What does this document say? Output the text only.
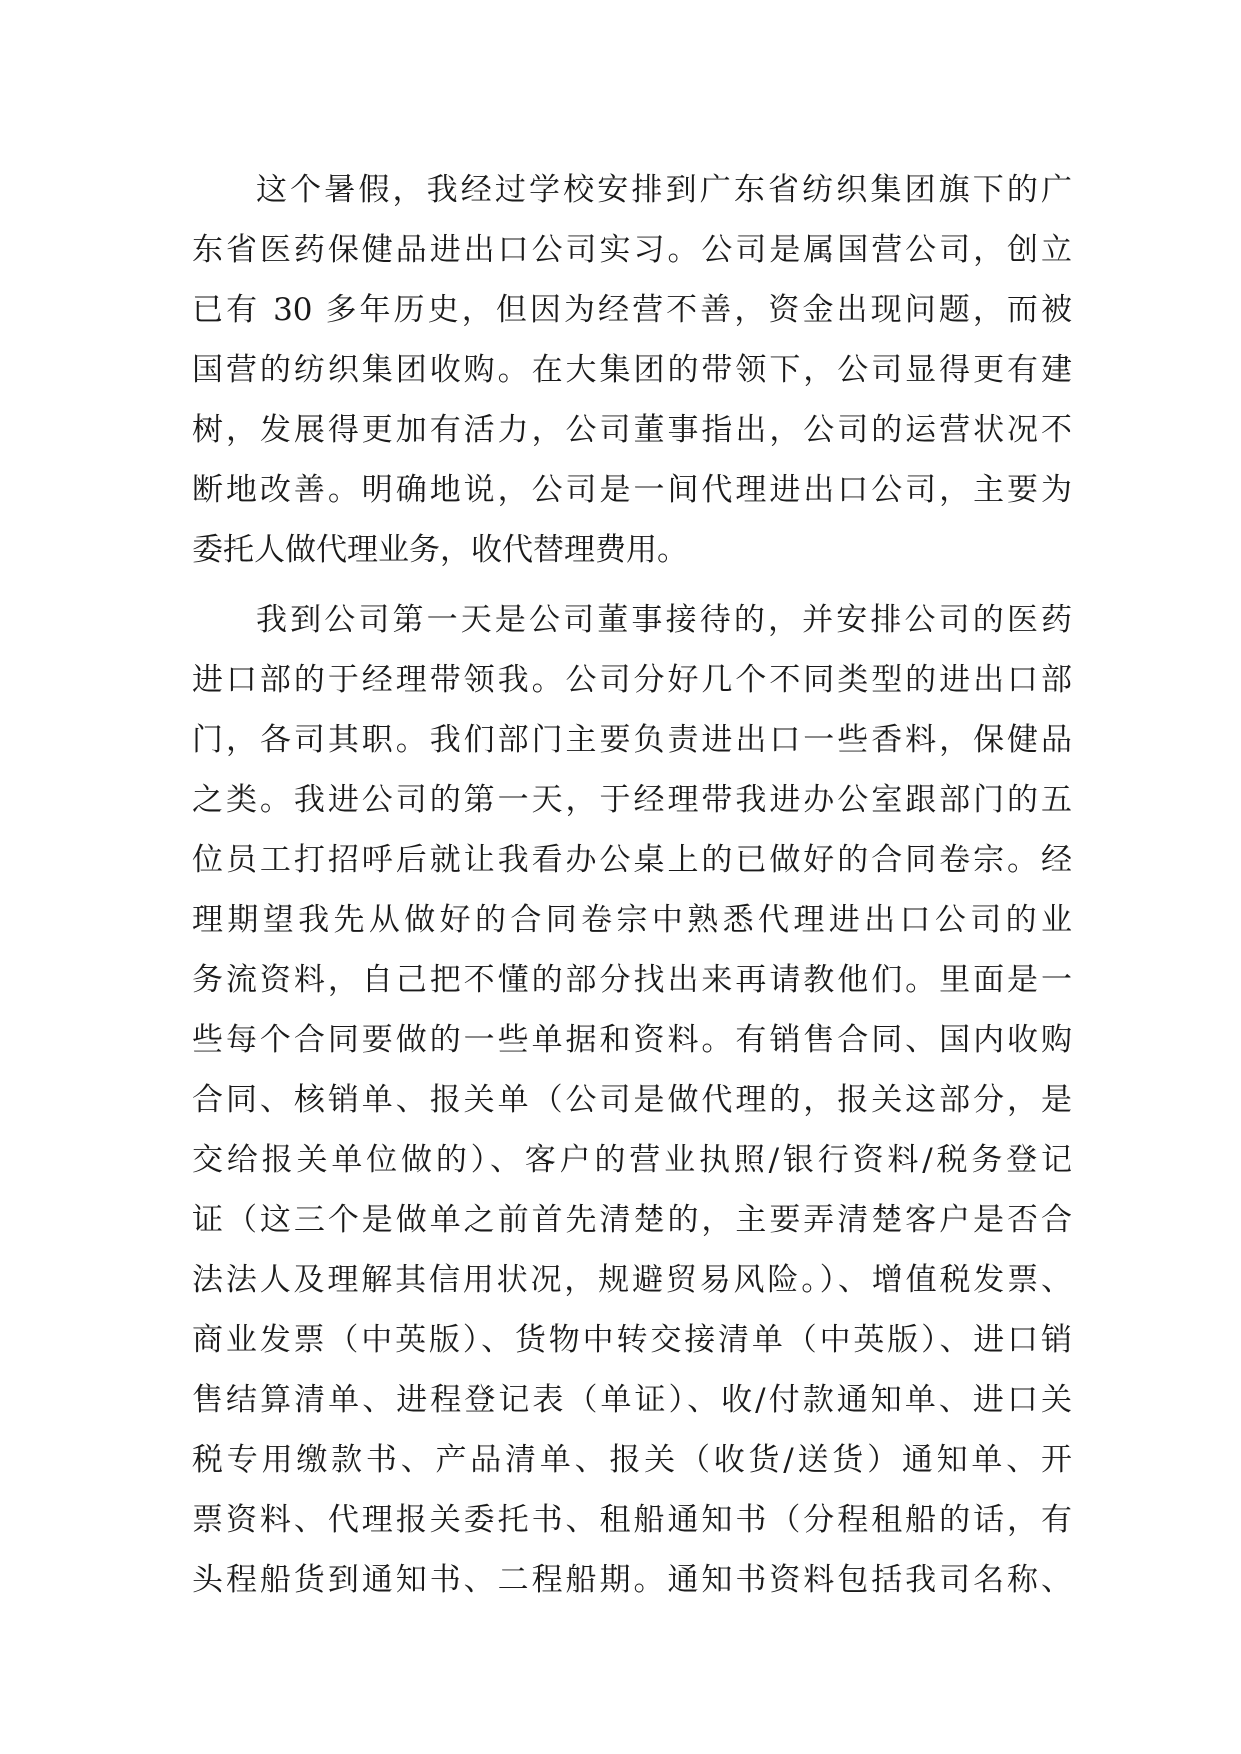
这个暑假，我经过学校安排到广东省纺织集团旗下的广
东省医药保健品进出口公司实习。公司是属国营公司，创立
已有 30 多年历史，但因为经营不善，资金出现问题，而被
国营的纺织集团收购。在大集团的带领下，公司显得更有建
树，发展得更加有活力，公司董事指出，公司的运营状况不
断地改善。明确地说，公司是一间代理进出口公司，主要为
委托人做代理业务，收代替理费用。

我到公司第一天是公司董事接待的，并安排公司的医药
进口部的于经理带领我。公司分好几个不同类型的进出口部
门，各司其职。我们部门主要负责进出口一些香料，保健品
之类。我进公司的第一天，于经理带我进办公室跟部门的五
位员工打招呼后就让我看办公桌上的已做好的合同卷宗。经
理期望我先从做好的合同卷宗中熟悉代理进出口公司的业
务流资料，自己把不懂的部分找出来再请教他们。里面是一
些每个合同要做的一些单据和资料。有销售合同、国内收购
合同、核销单、报关单（公司是做代理的，报关这部分，是
交给报关单位做的）、客户的营业执照/银行资料/税务登记
证（这三个是做单之前首先清楚的，主要弄清楚客户是否合
法法人及理解其信用状况，规避贸易风险。）、增值税发票、
商业发票（中英版）、货物中转交接清单（中英版）、进口销
售结算清单、进程登记表（单证）、收/付款通知单、进口关
税专用缴款书、产品清单、报关（收货/送货）通知单、开
票资料、代理报关委托书、租船通知书（分程租船的话，有
头程船货到通知书、二程船期。通知书资料包括我司名称、
